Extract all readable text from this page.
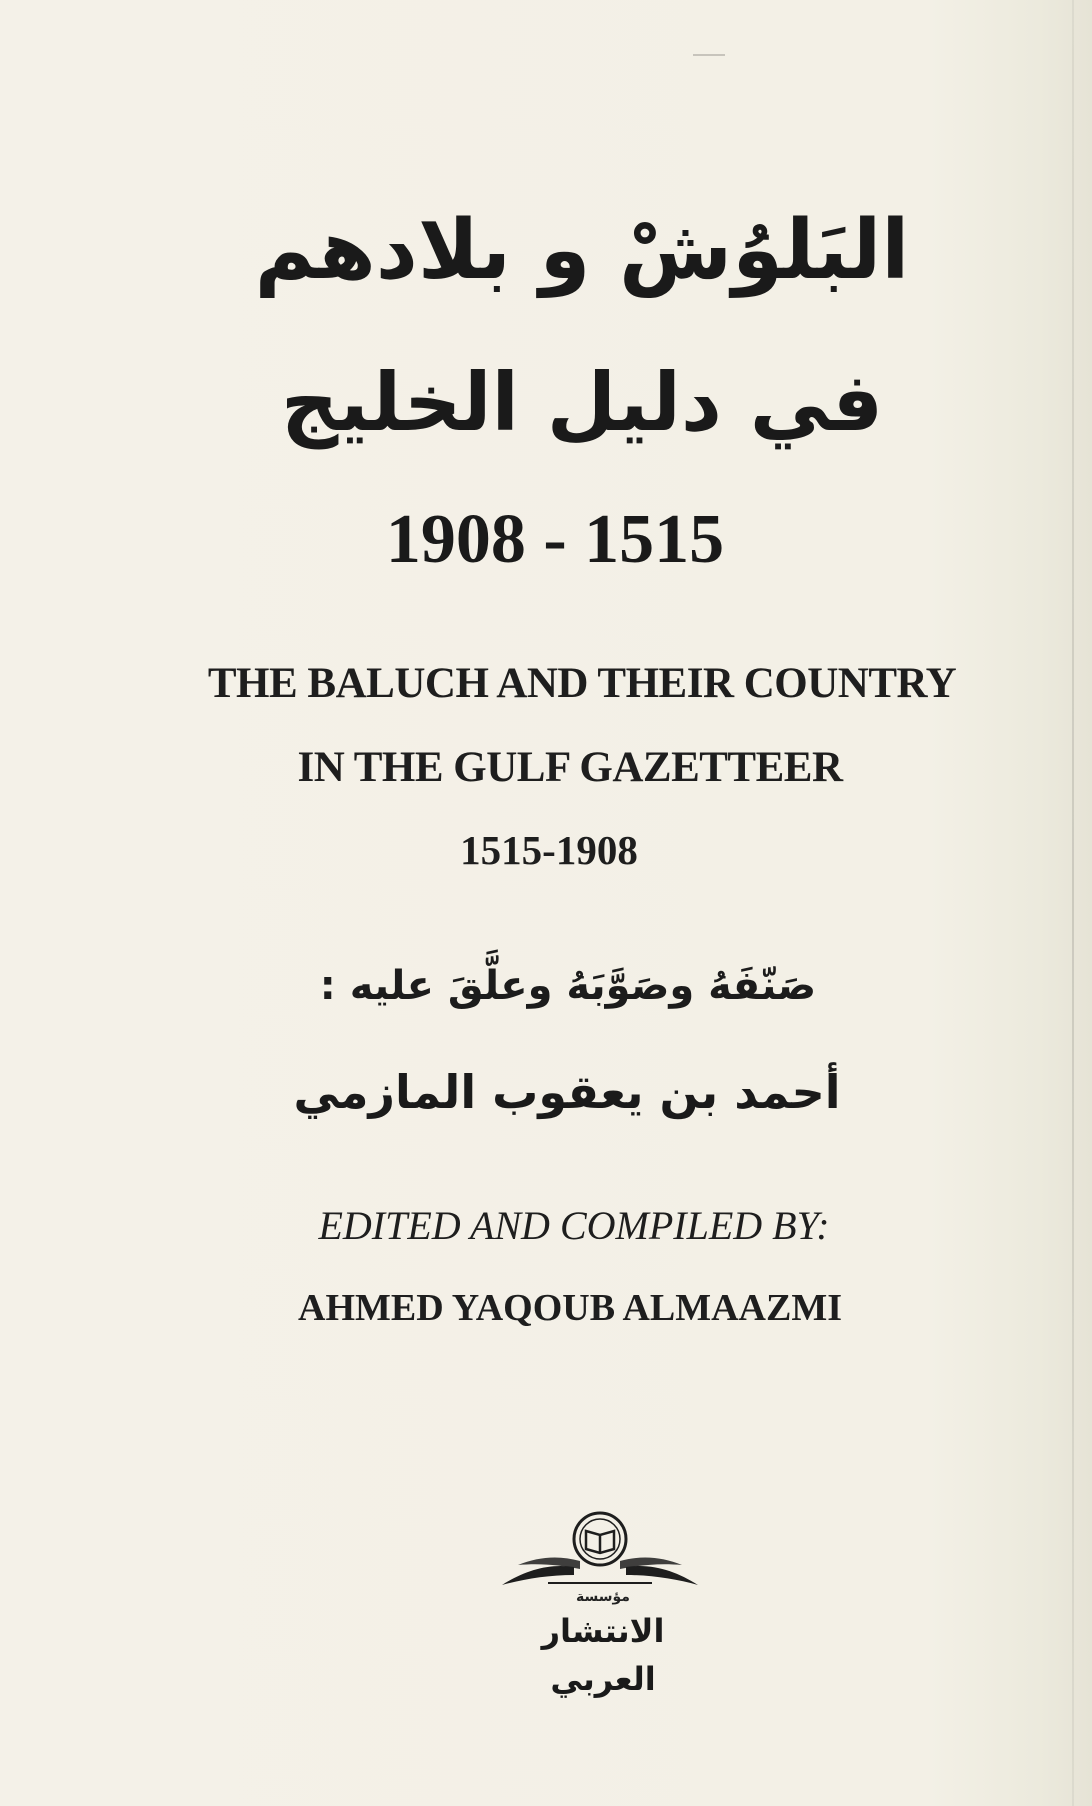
البَلوُشْ و بلادهم
في دليل الخليج
1908 - 1515
THE BALUCH AND THEIR COUNTRY
IN THE GULF GAZETTEER
1515-1908
صَنّفَهُ وصَوَّبَهُ وعلَّقَ عليه :
أحمد بن يعقوب المازمي
EDITED AND COMPILED BY:
AHMED YAQOUB ALMAAZMI
مؤسسة
الانتشار العربي
